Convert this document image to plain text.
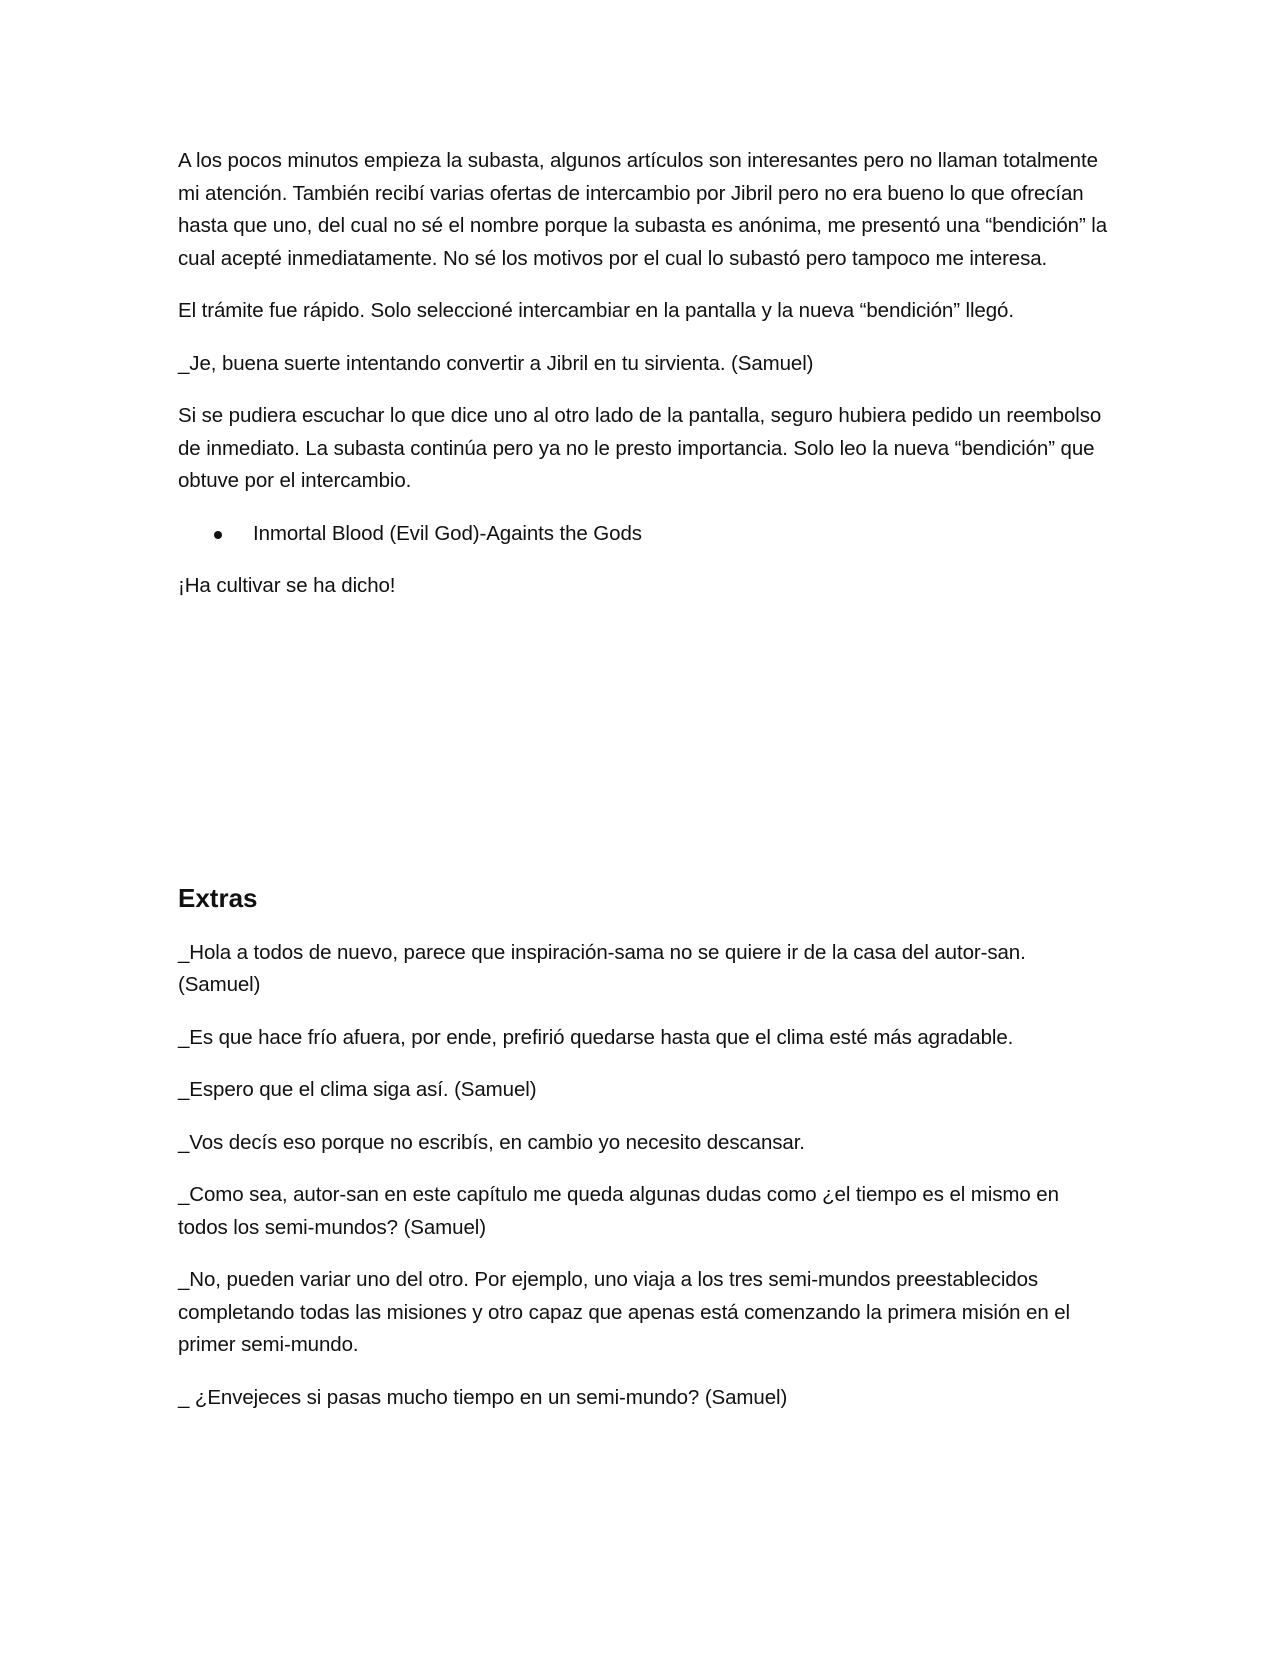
A los pocos minutos empieza la subasta, algunos artículos son interesantes pero no llaman totalmente mi atención. También recibí varias ofertas de intercambio por Jibril pero no era bueno lo que ofrecían hasta que uno, del cual no sé el nombre porque la subasta es anónima, me presentó una “bendición” la cual acepté inmediatamente. No sé los motivos por el cual lo subastó pero tampoco me interesa.

El trámite fue rápido. Solo seleccioné intercambiar en la pantalla y la nueva “bendición” llegó.

_Je, buena suerte intentando convertir a Jibril en tu sirvienta. (Samuel)

Si se pudiera escuchar lo que dice uno al otro lado de la pantalla, seguro hubiera pedido un reembolso de inmediato. La subasta continúa pero ya no le presto importancia. Solo leo la nueva “bendición” que obtuve por el intercambio.

Inmortal Blood (Evil God)-Againts the Gods

¡Ha cultivar se ha dicho!

Extras

_Hola a todos de nuevo, parece que inspiración-sama no se quiere ir de la casa del autor-san. (Samuel)

_Es que hace frío afuera, por ende, prefirió quedarse hasta que el clima esté más agradable.

_Espero que el clima siga así. (Samuel)

_Vos decís eso porque no escribís, en cambio yo necesito descansar.

_Como sea, autor-san en este capítulo me queda algunas dudas como ¿el tiempo es el mismo en todos los semi-mundos? (Samuel)

_No, pueden variar uno del otro. Por ejemplo, uno viaja a los tres semi-mundos preestablecidos completando todas las misiones y otro capaz que apenas está comenzando la primera misión en el primer semi-mundo.

_ ¿Envejeces si pasas mucho tiempo en un semi-mundo? (Samuel)
